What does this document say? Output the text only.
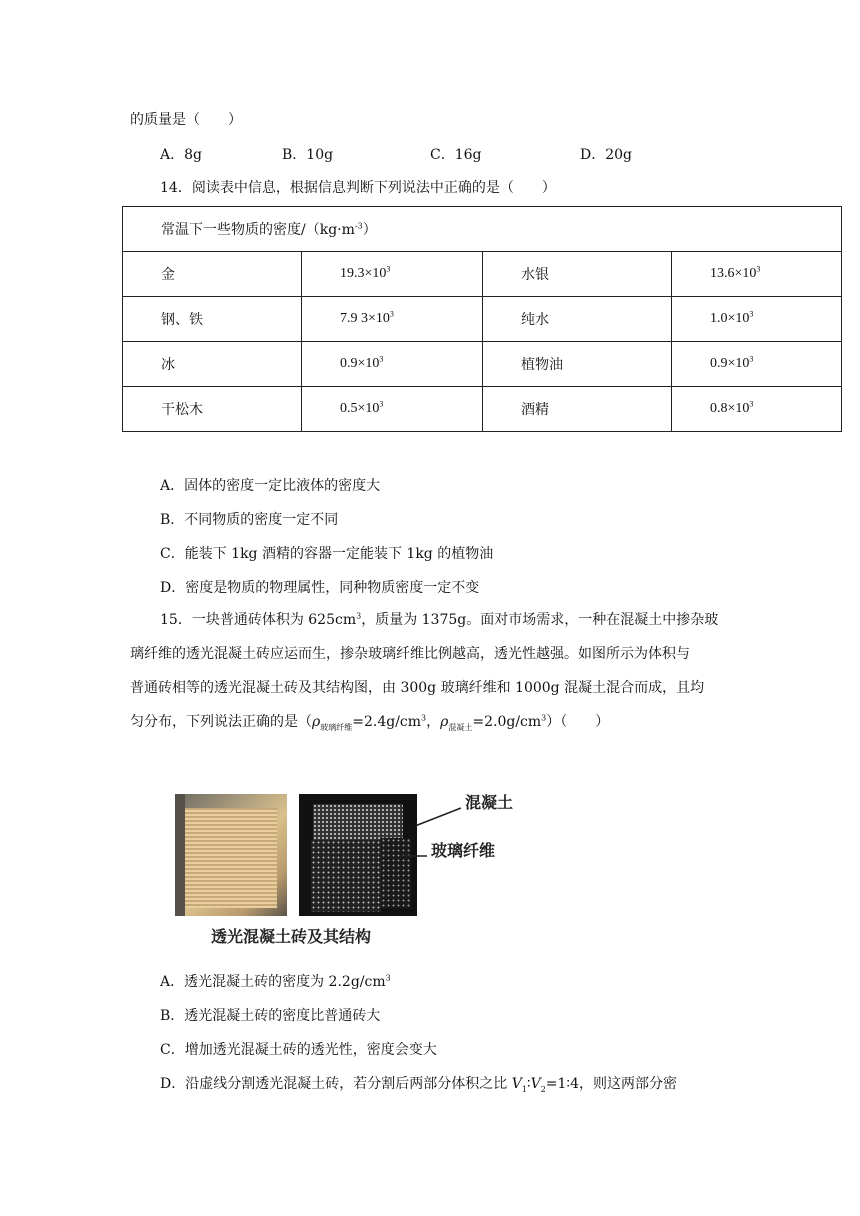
的质量是（　　）
A．8g	B．10g	C．16g	D．20g
14．阅读表中信息，根据信息判断下列说法中正确的是（　　）
常温下一些物质的密度$/(kg\cdot m^{-3})$			
金	$19.3\times 10^3$	水银	$13.6\times 10^3$
钢、铁	7.9 $3\times 10^3$	纯水	$1.0\times 10^3$
冰	$0.9\times 10^3$	植物油	$0.9\times 10^3$
干松木	$0.5\times 10^3$	酒精	$0.8\times 10^3$
A．固体的密度一定比液体的密度大
B．不同物质的密度一定不同
C．能装下 1kg 酒精的容器一定能装下 1kg 的植物油
D．密度是物质的物理属性，同种物质密度一定不变
15．一块普通砖体积为 $625cm^3$，质量为 1375g。面对市场需求，一种在混凝土中掺杂玻
璃纤维的透光混凝土砖应运而生，掺杂玻璃纤维比例越高，透光性越强。如图所示为体积与
普通砖相等的透光混凝土砖及其结构图，由 300g 玻璃纤维和 1000g 混凝土混合而成，且均
匀分布，下列说法正确的是（$\rho_{玻璃纤维}=2.4g/cm^3$，$\rho_{混凝土}=2.0g/cm^3$）（　　）
混凝土
玻璃纤维
透光混凝土砖及其结构
A．透光混凝土砖的密度为 $2.2g/cm^3$
B．透光混凝土砖的密度比普通砖大
C．增加透光混凝土砖的透光性，密度会变大
D．沿虚线分割透光混凝土砖，若分割后两部分体积之比 $V_1∶V_2=1∶4$，则这两部分密
